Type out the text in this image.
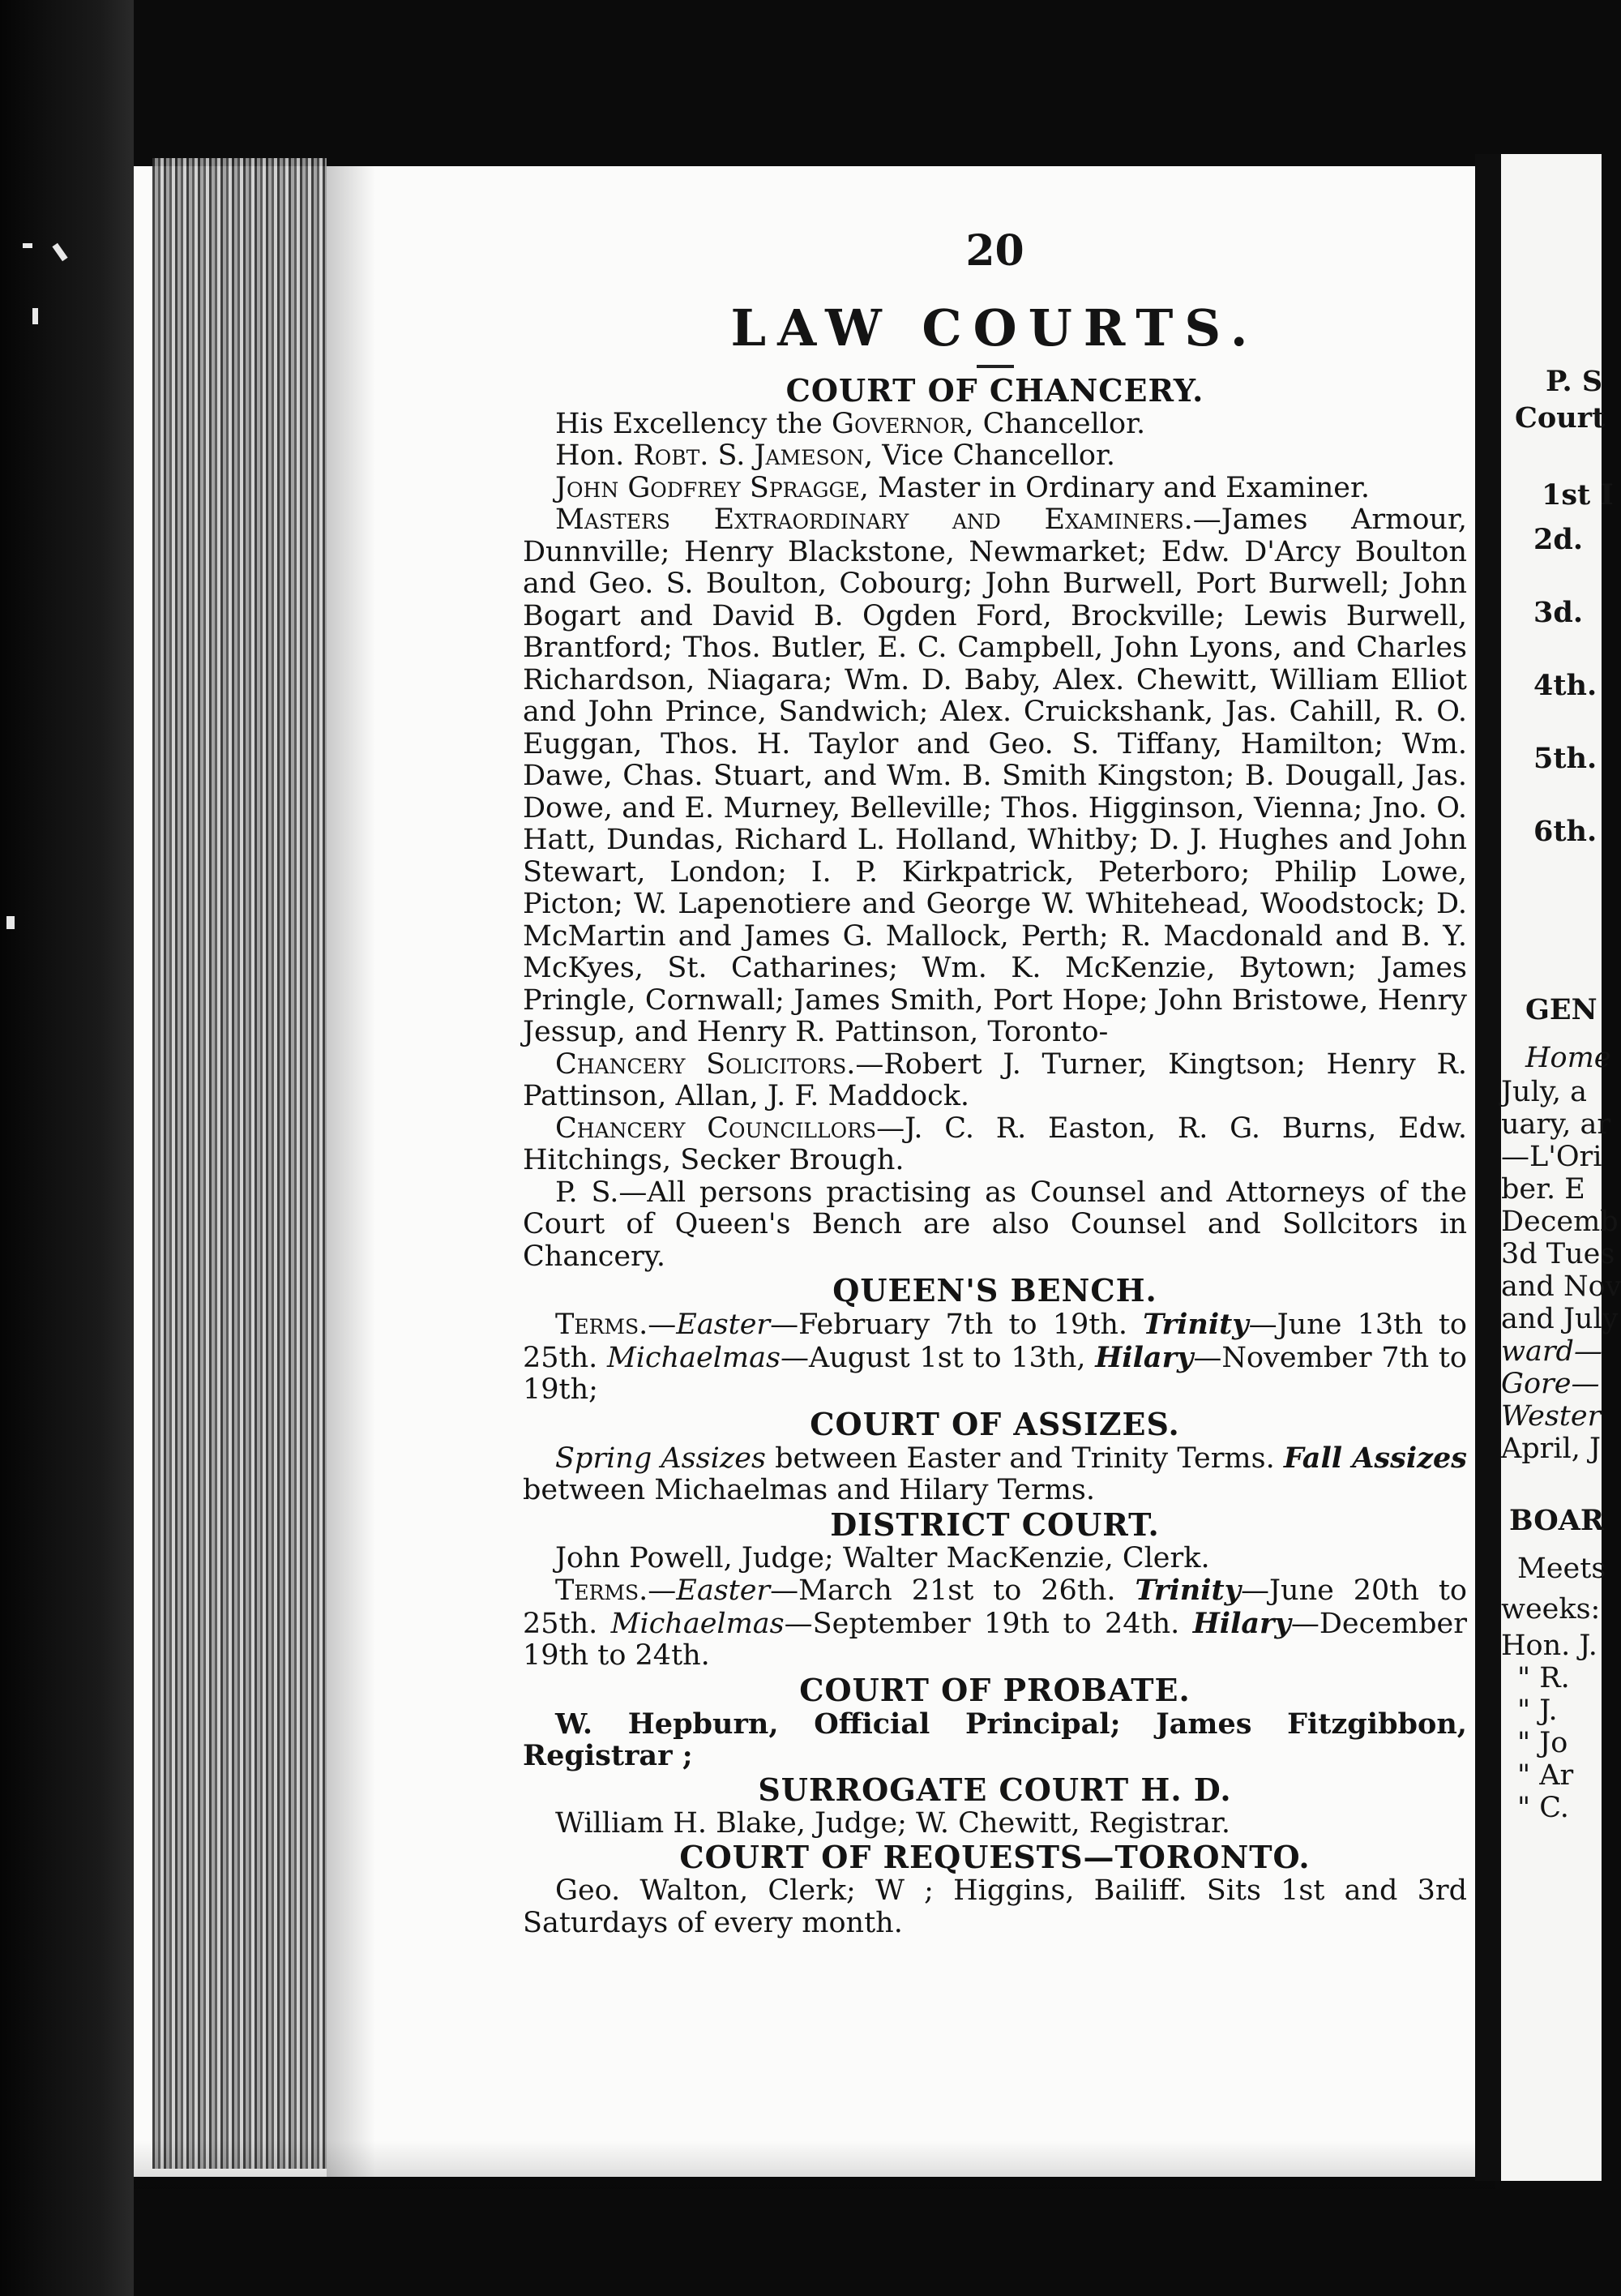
P. S
Court
1st I
2d.
3d.
4th.
5th.
6th.
GEN
Home
July, a
uary, ar
—L'Ori
ber. E
Decemb
3d Tues
and Nov
and July
ward—
Gore—
Wester
April, J
BOAR
Meets
weeks:
Hon. J.
" R.
" J.
" Jo
" Ar
" C.
20
LAW COURTS.
COURT OF CHANCERY.

His Excellency the Governor, Chancellor.

Hon. Robt. S. Jameson, Vice Chancellor.

John Godfrey Spragge, Master in Ordinary and Examiner.

Masters Extraordinary and Examiners.—James Armour, Dunnville; Henry Blackstone, Newmarket; Edw. D'Arcy Boulton and Geo. S. Boulton, Cobourg; John Burwell, Port Burwell; John Bogart and David B. Ogden Ford, Brockville; Lewis Burwell, Brantford; Thos. Butler, E. C. Campbell, John Lyons, and Charles Richardson, Niagara; Wm. D. Baby, Alex. Chewitt, William Elliot and John Prince, Sandwich; Alex. Cruickshank, Jas. Cahill, R. O. Euggan, Thos. H. Taylor and Geo. S. Tiffany, Hamilton; Wm. Dawe, Chas. Stuart, and Wm. B. Smith Kingston; B. Dougall, Jas. Dowe, and E. Murney, Belleville; Thos. Higginson, Vienna; Jno. O. Hatt, Dundas, Richard L. Holland, Whitby; D. J. Hughes and John Stewart, London; I. P. Kirkpatrick, Peterboro; Philip Lowe, Picton; W. Lapenotiere and George W. Whitehead, Woodstock; D. McMartin and James G. Mallock, Perth; R. Macdonald and B. Y. McKyes, St. Catharines; Wm. K. McKenzie, Bytown; James Pringle, Cornwall; James Smith, Port Hope; John Bristowe, Henry Jessup, and Henry R. Pattinson, Toronto-

Chancery Solicitors.—Robert J. Turner, Kingtson; Henry R. Pattinson, Allan, J. F. Maddock.

Chancery Councillors—J. C. R. Easton, R. G. Burns, Edw. Hitchings, Secker Brough.

P. S.—All persons practising as Counsel and Attorneys of the Court of Queen's Bench are also Counsel and Sollcitors in Chancery.

QUEEN'S BENCH.

Terms.—Easter—February 7th to 19th. Trinity—June 13th to 25th. Michaelmas—August 1st to 13th, Hilary—November 7th to 19th;

COURT OF ASSIZES.

Spring Assizes between Easter and Trinity Terms. Fall Assizes between Michaelmas and Hilary Terms.

DISTRICT COURT.

John Powell, Judge; Walter MacKenzie, Clerk.

Terms.—Easter—March 21st to 26th. Trinity—June 20th to 25th. Michaelmas—September 19th to 24th. Hilary—December 19th to 24th.

COURT OF PROBATE.

W. Hepburn, Official Principal; James Fitzgibbon, Registrar ;

SURROGATE COURT H. D.

William H. Blake, Judge; W. Chewitt, Registrar.

COURT OF REQUESTS—TORONTO.

Geo. Walton, Clerk; W ; Higgins, Bailiff. Sits 1st and 3rd Saturdays of every month.
